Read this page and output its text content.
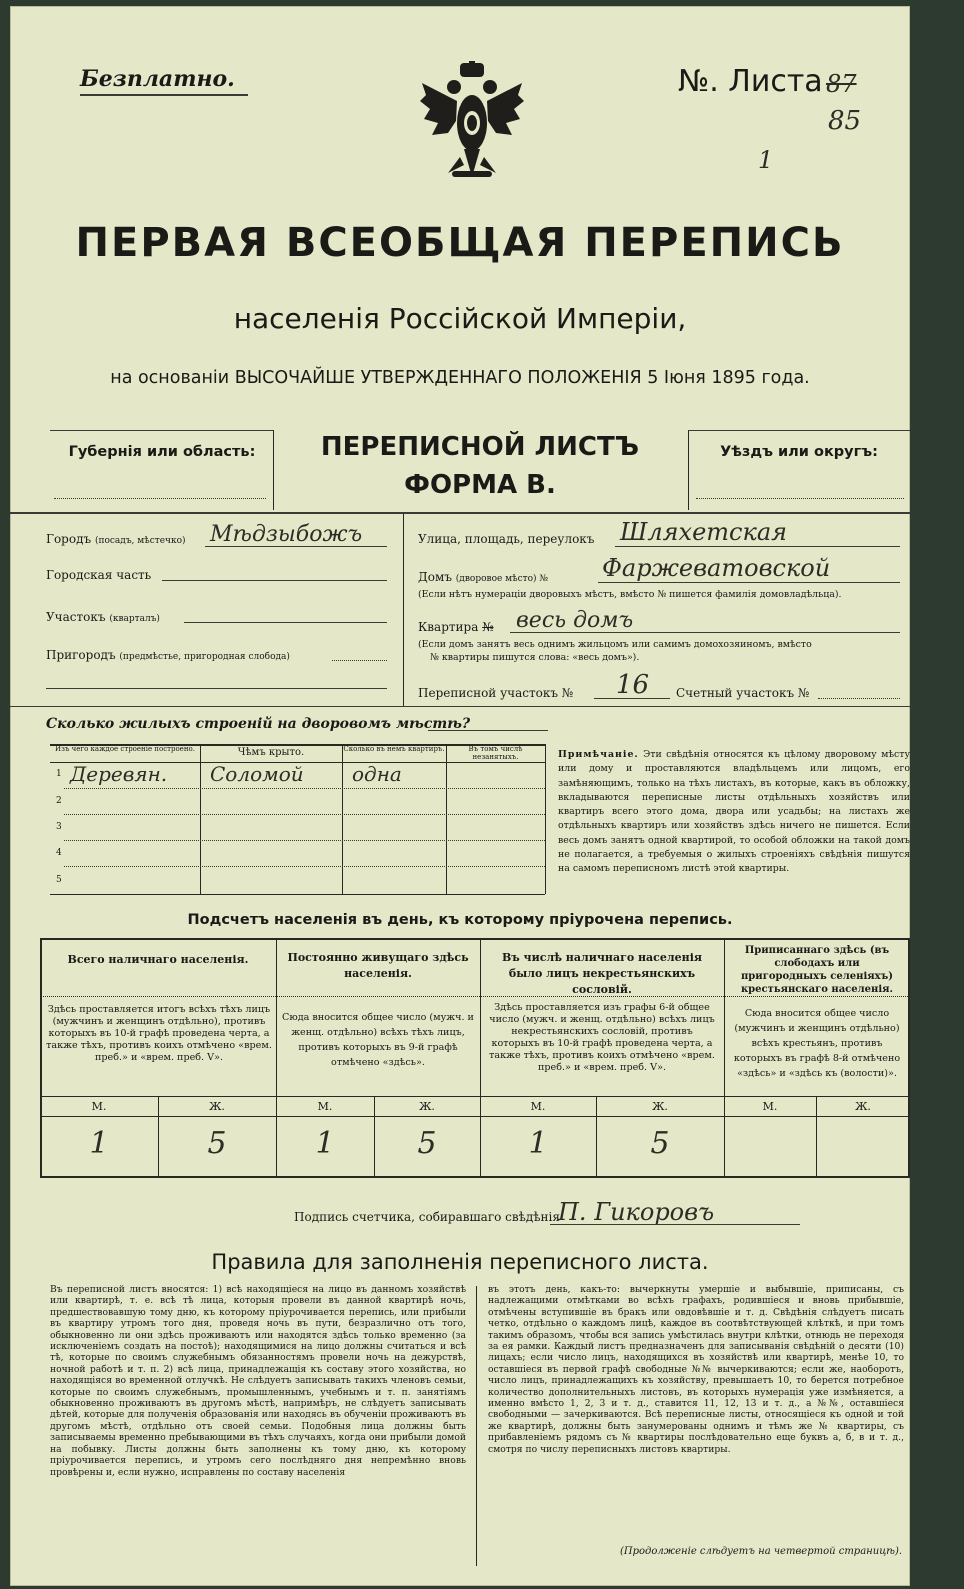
Безплатно.	№. Листа 87
85
1
ПЕРВАЯ ВСЕОБЩАЯ ПЕРЕПИСЬ
населенія Россійской Имперіи,
на основаніи ВЫСОЧАЙШЕ УТВЕРЖДЕННАГО ПОЛОЖЕНІЯ 5 Іюня 1895 года.
Губернія или область:	ПЕРЕПИСНОЙ ЛИСТЪ
ФОРМА В.
Уѣздъ или округъ:
Городъ (посадъ, мѣстечко) Мѣдзыбожъ
Городская часть
Участокъ (кварталъ)
Пригородъ (предмѣстье, пригородная слобода)
Улица, площадь, переулокъ Шляхетская
Домъ (дворовое мѣсто) № Фаржеватовской
(Если нѣтъ нумераціи дворовыхъ мѣстъ, вмѣсто № пишется фамилія домовладѣльца).
Квартира № весь домъ
(Если домъ занятъ весь однимъ жильцомъ или самимъ домохозяиномъ, вмѣсто
№ квартиры пишутся слова: «весь домъ»).
Переписной участокъ № 16 Счетный участокъ №
Сколько жилыхъ строеній на дворовомъ мѣстѣ?
Изъ чего каждое строеніе построено.	Чѣмъ крыто.	Сколько въ немъ квартиръ.	Въ томъ числѣ незанятыхъ.
1 Деревян. Соломой одна
2
3
4
5
Примѣчаніе. Эти свѣдѣнія относятся къ цѣлому дворовому мѣсту или дому и проставляются владѣльцемъ или лицомъ, его замѣняющимъ, только на тѣхъ листахъ, въ которые, какъ въ обложку, вкладываются переписные листы отдѣльныхъ хозяйствъ или квартиръ всего этого дома, двора или усадьбы; на листахъ же отдѣльныхъ квартиръ или хозяйствъ здѣсь ничего не пишется. Если весь домъ занятъ одной квартирой, то особой обложки на такой домъ не полагается, а требуемыя о жилыхъ строеніяхъ свѣдѣнія пишутся на самомъ переписномъ листѣ этой квартиры.
Подсчетъ населенія въ день, къ которому пріурочена перепись.
Всего наличнаго населенія.	Постоянно живущаго здѣсь населенія.
Въ числѣ наличнаго населенія было лицъ некрестьянскихъ сословій.
Приписаннаго здѣсь (въ слободахъ или пригородныхъ селеніяхъ) крестьянскаго населенія.
Здѣсь проставляется итогъ всѣхъ тѣхъ лицъ (мужчинъ и женщинъ отдѣльно), противъ которыхъ въ 10-й графѣ проведена черта, а также тѣхъ, противъ коихъ отмѣчено «врем. преб.» и «врем. преб. V».
Сюда вносится общее число (мужч. и женщ. отдѣльно) всѣхъ тѣхъ лицъ, противъ которыхъ въ 9-й графѣ отмѣчено «здѣсь».
Здѣсь проставляется изъ графы 6-й общее число (мужч. и женщ. отдѣльно) всѣхъ лицъ некрестьянскихъ сословій, противъ которыхъ въ 10-й графѣ проведена черта, а также тѣхъ, противъ коихъ отмѣчено «врем. преб.» и «врем. преб. V».
Сюда вносится общее число (мужчинъ и женщинъ отдѣльно) всѣхъ крестьянъ, противъ которыхъ въ графѣ 8-й отмѣчено «здѣсь» и «здѣсь къ (волости)».
М.	Ж.	М.	Ж.	М.	Ж.	М.	Ж.
1	5	1	5	1	5
Подпись счетчика, собиравшаго свѣдѣнія
П. Гикоровъ
Правила для заполненія переписного листа.
Въ переписной листъ вносятся: 1) всѣ находящіеся на лицо въ данномъ хозяйствѣ или квартирѣ, т. е. всѣ тѣ лица, которыя провели въ данной квартирѣ ночь, предшествовавшую тому дню, къ которому пріурочивается перепись, или прибыли въ квартиру утромъ того дня, проведя ночь въ пути, безразлично отъ того, обыкновенно ли они здѣсь проживаютъ или находятся здѣсь только временно (за исключеніемъ создать на постоѣ); находящимися на лицо должны считаться и всѣ тѣ, которые по своимъ служебнымъ обязанностямъ провели ночь на дежурствѣ, ночной работѣ и т. п. 2) всѣ лица, принадлежащія къ составу этого хозяйства, но находящіяся во временной отлучкѣ. Не слѣдуетъ записывать такихъ членовъ семьи, которые по своимъ служебнымъ, промышленнымъ, учебнымъ и т. п. занятіямъ обыкновенно проживаютъ въ другомъ мѣстѣ, напримѣръ, не слѣдуетъ записывать дѣтей, которые для полученія образованія или находясь въ обученіи проживаютъ въ другомъ мѣстѣ, отдѣльно отъ своей семьи. Подобныя лица должны быть записываемы временно пребывающими въ тѣхъ случаяхъ, когда они прибыли домой на побывку. Листы должны быть заполнены къ тому дню, къ которому пріурочивается перепись, и утромъ сего послѣдняго дня непремѣнно вновь провѣрены и, если нужно, исправлены по составу населенія
въ этотъ день, какъ-то: вычеркнуты умершіе и выбывшіе, приписаны, съ надлежащими отмѣтками во всѣхъ графахъ, родившіеся и вновь прибывшіе, отмѣчены вступившіе въ бракъ или овдовѣвшіе и т. д. Свѣдѣнія слѣдуетъ писать четко, отдѣльно о каждомъ лицѣ, каждое въ соотвѣтствующей клѣткѣ, и при томъ такимъ образомъ, чтобы вся запись умѣстилась внутри клѣтки, отнюдь не переходя за ея рамки. Каждый листъ предназначенъ для записыванія свѣдѣній о десяти (10) лицахъ; если число лицъ, находящихся въ хозяйствѣ или квартирѣ, менѣе 10, то оставшіеся въ первой графѣ свободные №№ вычеркиваются; если же, наоборотъ, число лицъ, принадлежащихъ къ хозяйству, превышаетъ 10, то берется потребное количество дополнительныхъ листовъ, въ которыхъ нумерація уже измѣняется, а именно вмѣсто 1, 2, 3 и т. д., ставится 11, 12, 13 и т. д., а №№, оставшіеся свободными — зачеркиваются. Всѣ переписные листы, относящіеся къ одной и той же квартирѣ, должны быть занумерованы однимъ и тѣмъ же № квартиры, съ прибавленіемъ рядомъ съ № квартиры послѣдовательно еще буквъ а, б, в и т. д., смотря по числу переписныхъ листовъ квартиры.
(Продолженіе слѣдуетъ на четвертой страницѣ).
